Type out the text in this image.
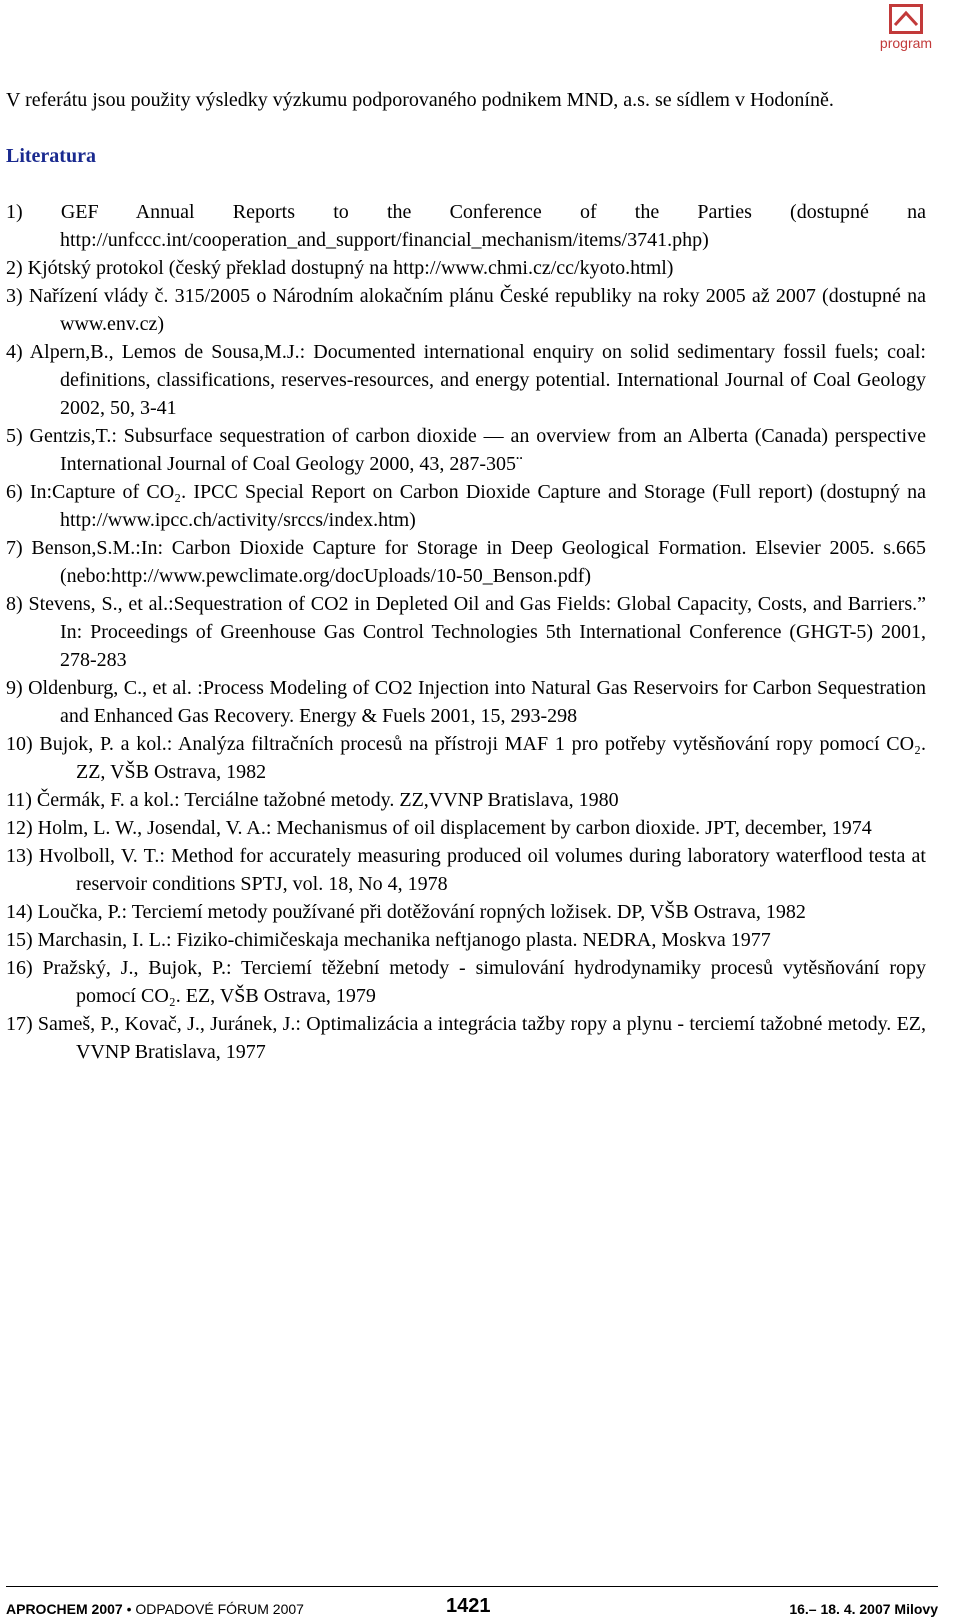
program

V referátu jsou použity výsledky výzkumu podporovaného podnikem MND, a.s. se sídlem v Hodoníně.

Literatura

1) GEF Annual Reports to the Conference of the Parties (dostupné na http://unfccc.int/cooperation_and_support/financial_mechanism/items/3741.php)
2) Kjótský protokol (český překlad dostupný na http://www.chmi.cz/cc/kyoto.html)
3) Nařízení vlády č. 315/2005 o Národním alokačním plánu České republiky na roky 2005 až 2007 (dostupné na www.env.cz)
4) Alpern,B., Lemos de Sousa,M.J.: Documented international enquiry on solid sedimentary fossil fuels; coal: definitions, classifications, reserves-resources, and energy potential. International Journal of Coal Geology 2002, 50, 3-41
5) Gentzis,T.: Subsurface sequestration of carbon dioxide — an overview from an Alberta (Canada) perspective International Journal of Coal Geology 2000, 43, 287-305¨
6) In:Capture of CO₂. IPCC Special Report on Carbon Dioxide Capture and Storage (Full report) (dostupný na http://www.ipcc.ch/activity/srccs/index.htm)
7) Benson,S.M.:In: Carbon Dioxide Capture for Storage in Deep Geological Formation. Elsevier 2005. s.665 (nebo:http://www.pewclimate.org/docUploads/10-50_Benson.pdf)
8) Stevens, S., et al.:Sequestration of CO2 in Depleted Oil and Gas Fields: Global Capacity, Costs, and Barriers.” In: Proceedings of Greenhouse Gas Control Technologies 5th International Conference (GHGT-5) 2001, 278-283
9) Oldenburg, C., et al. :Process Modeling of CO2 Injection into Natural Gas Reservoirs for Carbon Sequestration and Enhanced Gas Recovery. Energy & Fuels 2001, 15, 293-298
10) Bujok, P. a kol.: Analýza filtračních procesů na přístroji MAF 1 pro potřeby vytěsňování ropy pomocí CO₂. ZZ, VŠB Ostrava, 1982
11) Čermák, F. a kol.: Terciálne tažobné metody. ZZ,VVNP Bratislava, 1980
12) Holm, L. W., Josendal, V. A.: Mechanismus of oil displacement by carbon dioxide. JPT, december, 1974
13) Hvolboll, V. T.: Method for accurately measuring produced oil volumes during laboratory waterflood testa at reservoir conditions SPTJ, vol. 18, No 4, 1978
14) Loučka, P.: Terciemí metody používané při dotěžování ropných ložisek. DP, VŠB Ostrava, 1982
15) Marchasin, I. L.: Fiziko-chimičeskaja mechanika neftjanogo plasta. NEDRA, Moskva 1977
16) Pražský, J., Bujok, P.: Terciemí těžební metody - simulování hydrodynamiky procesů vytěsňování ropy pomocí CO₂. EZ, VŠB Ostrava, 1979
17) Sameš, P., Kovač, J., Juránek, J.: Optimalizácia a integrácia tažby ropy a plynu - terciemí tažobné metody. EZ, VVNP Bratislava, 1977
APROCHEM 2007 • ODPADOVÉ FÓRUM 2007	1421	16.– 18. 4. 2007 Milovy
